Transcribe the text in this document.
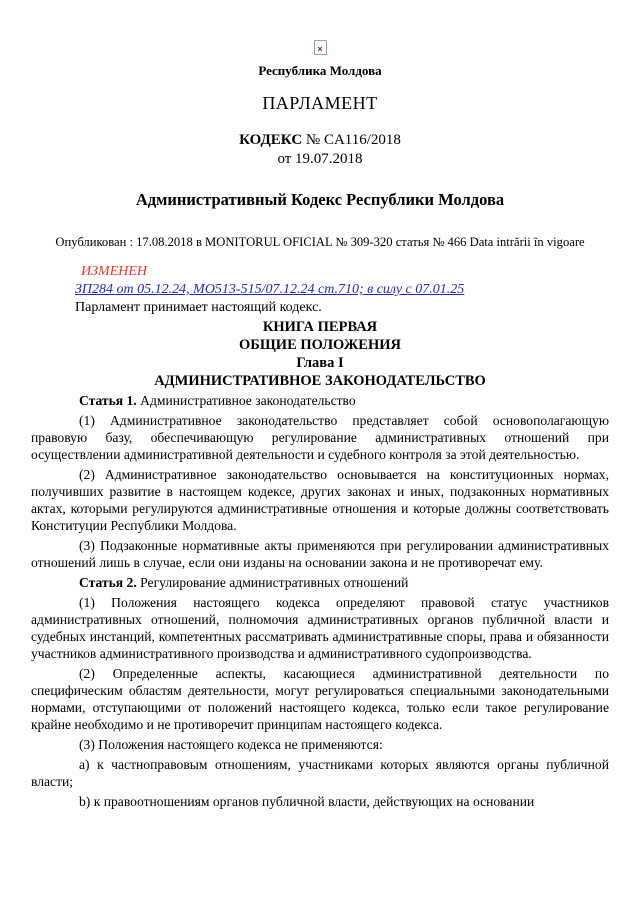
×
Республика Молдова
ПАРЛАМЕНТ
КОДЕКС № CA116/2018
от 19.07.2018
Административный Кодекс Республики Молдова
Опубликован : 17.08.2018 в MONITORUL OFICIAL № 309-320 статья № 466 Data intrării în vigoare
ИЗМЕНЕН
ЗП284 от 05.12.24, МО513-515/07.12.24 ст.710; в силу с 07.01.25
Парламент принимает настоящий кодекс.
КНИГА ПЕРВАЯ
ОБЩИЕ ПОЛОЖЕНИЯ
Глава I
АДМИНИСТРАТИВНОЕ ЗАКОНОДАТЕЛЬСТВО

Статья 1. Административное законодательство

(1) Административное законодательство представляет собой основополагающую правовую базу, обеспечивающую регулирование административных отношений при осуществлении административной деятельности и судебного контроля за этой деятельностью.

(2) Административное законодательство основывается на конституционных нормах, получивших развитие в настоящем кодексе, других законах и иных, подзаконных нормативных актах, которыми регулируются административные отношения и которые должны соответствовать Конституции Республики Молдова.

(3) Подзаконные нормативные акты применяются при регулировании административных отношений лишь в случае, если они изданы на основании закона и не противоречат ему.

Статья 2. Регулирование административных отношений

(1) Положения настоящего кодекса определяют правовой статус участников административных отношений, полномочия административных органов публичной власти и судебных инстанций, компетентных рассматривать административные споры, права и обязанности участников административного производства и административного судопроизводства.

(2) Определенные аспекты, касающиеся административной деятельности по специфическим областям деятельности, могут регулироваться специальными законодательными нормами, отступающими от положений настоящего кодекса, только если такое регулирование крайне необходимо и не противоречит принципам настоящего кодекса.

(3) Положения настоящего кодекса не применяются:

a) к частноправовым отношениям, участниками которых являются органы публичной власти;

b) к правоотношениям органов публичной власти, действующих на основании
